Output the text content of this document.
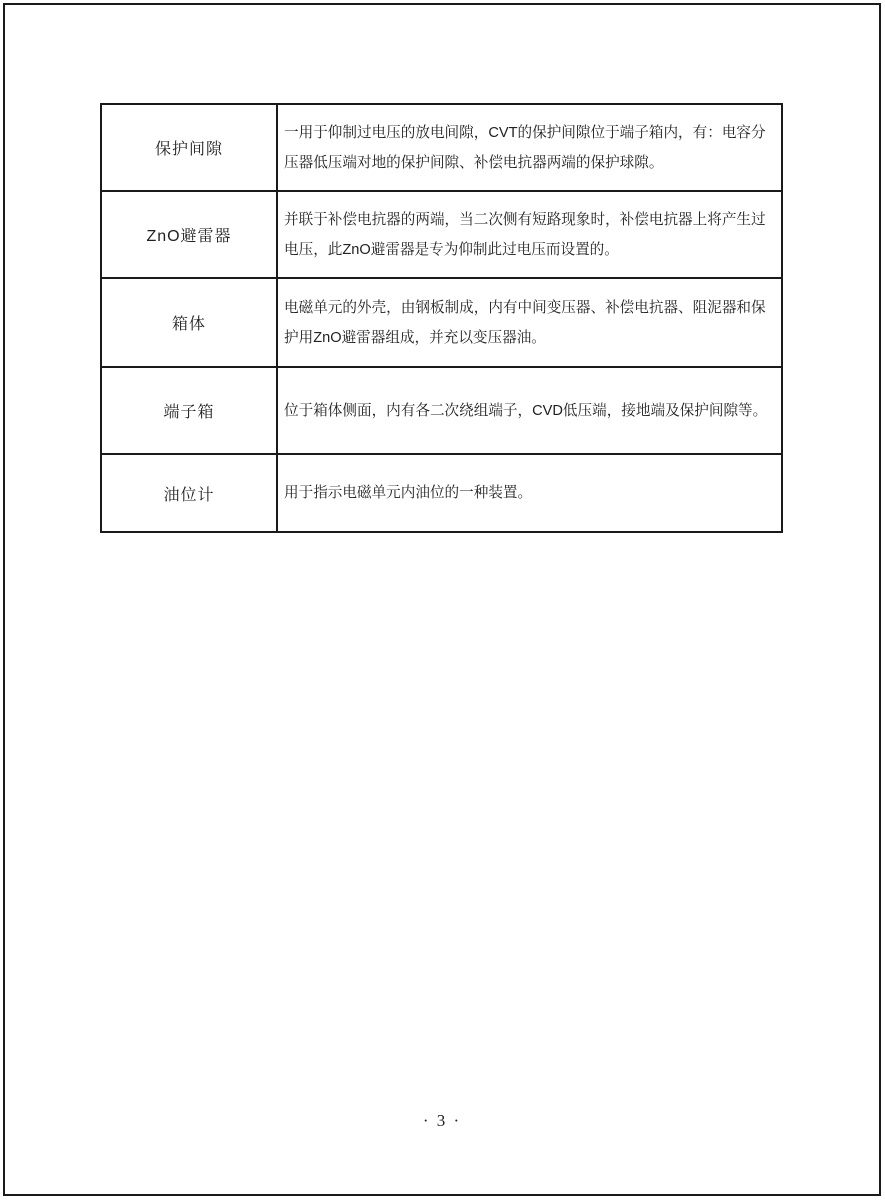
保护间隙	一用于仰制过电压的放电间隙，CVT的保护间隙位于端子箱内，有：电容分压器低压端对地的保护间隙、补偿电抗器两端的保护球隙。
ZnO避雷器	并联于补偿电抗器的两端，当二次侧有短路现象时，补偿电抗器上将产生过电压，此ZnO避雷器是专为仰制此过电压而设置的。
箱体	电磁单元的外壳，由钢板制成，内有中间变压器、补偿电抗器、阻泥器和保护用ZnO避雷器组成，并充以变压器油。
端子箱	位于箱体侧面，内有各二次绕组端子，CVD低压端，接地端及保护间隙等。
油位计	用于指示电磁单元内油位的一种装置。
· 3 ·
